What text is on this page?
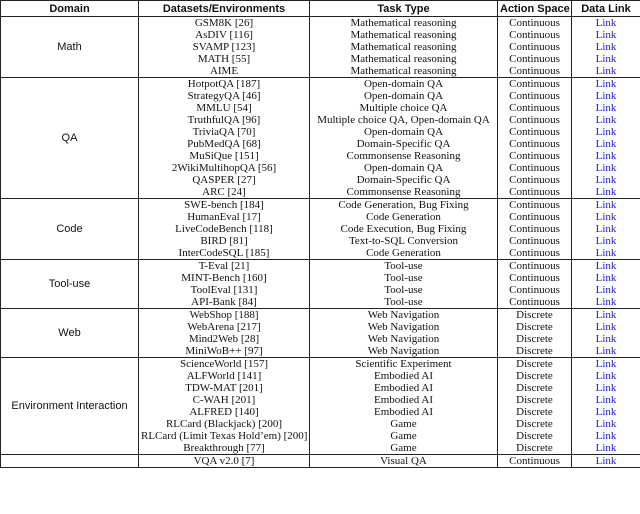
Domain	Datasets/Environments	Task Type	Action Space	Data Link
Math	GSM8K [26]	Mathematical reasoning	Continuous	Link
	AsDIV [116]	Mathematical reasoning	Continuous	Link
	SVAMP [123]	Mathematical reasoning	Continuous	Link
	MATH [55]	Mathematical reasoning	Continuous	Link
	AIME	Mathematical reasoning	Continuous	Link
QA	HotpotQA [187]	Open-domain QA	Continuous	Link
	StrategyQA [46]	Open-domain QA	Continuous	Link
	MMLU [54]	Multiple choice QA	Continuous	Link
	TruthfulQA [96]	Multiple choice QA, Open-domain QA	Continuous	Link
	TriviaQA [70]	Open-domain QA	Continuous	Link
	PubMedQA [68]	Domain-Specific QA	Continuous	Link
	MuSiQue [151]	Commonsense Reasoning	Continuous	Link
	2WikiMultihopQA [56]	Open-domain QA	Continuous	Link
	QASPER [27]	Domain-Specific QA	Continuous	Link
	ARC [24]	Commonsense Reasoning	Continuous	Link
Code	SWE-bench [184]	Code Generation, Bug Fixing	Continuous	Link
	HumanEval [17]	Code Generation	Continuous	Link
	LiveCodeBench [118]	Code Execution, Bug Fixing	Continuous	Link
	BIRD [81]	Text-to-SQL Conversion	Continuous	Link
	InterCodeSQL [185]	Code Generation	Continuous	Link
Tool-use	T-Eval [21]	Tool-use	Continuous	Link
	MINT-Bench [160]	Tool-use	Continuous	Link
	ToolEval [131]	Tool-use	Continuous	Link
	API-Bank [84]	Tool-use	Continuous	Link
Web	WebShop [188]	Web Navigation	Discrete	Link
	WebArena [217]	Web Navigation	Discrete	Link
	Mind2Web [28]	Web Navigation	Discrete	Link
	MiniWoB++ [97]	Web Navigation	Discrete	Link
Environment Interaction	ScienceWorld [157]	Scientific Experiment	Discrete	Link
	ALFWorld [141]	Embodied AI	Discrete	Link
	TDW-MAT [201]	Embodied AI	Discrete	Link
	C-WAH [201]	Embodied AI	Discrete	Link
	ALFRED [140]	Embodied AI	Discrete	Link
	RLCard (Blackjack) [200]	Game	Discrete	Link
	RLCard (Limit Texas Hold’em) [200]	Game	Discrete	Link
	Breakthrough [77]	Game	Discrete	Link
	VQA v2.0 [7]	Visual QA	Continuous	Link
